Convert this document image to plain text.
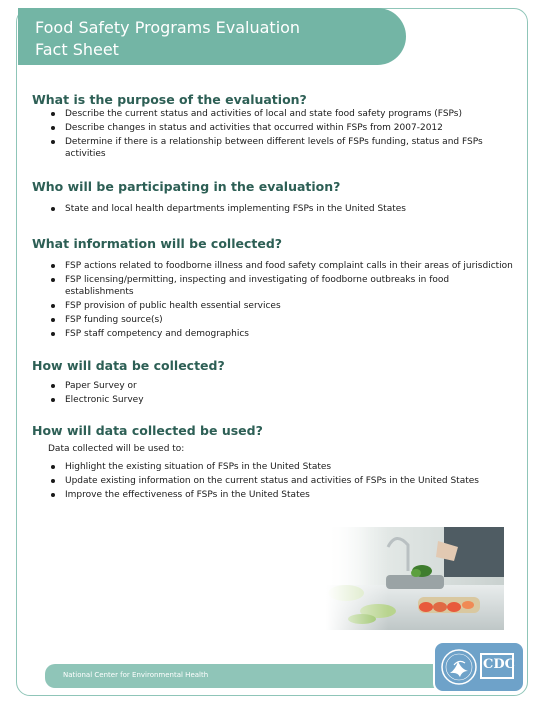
Food Safety Programs Evaluation
Fact Sheet
What is the purpose of the evaluation?
Describe the current status and activities of local and state food safety programs (FSPs)
Describe changes in status and activities that occurred within FSPs from 2007-2012
Determine if there is a relationship between different levels of FSPs funding, status and FSPs activities
Who will be participating in the evaluation?
State and local health departments implementing FSPs in the United States
What information will be collected?
FSP actions related to foodborne illness and food safety complaint calls in their areas of jurisdiction
FSP licensing/permitting, inspecting and investigating of foodborne outbreaks in food establishments
FSP provision of public health essential services
FSP funding source(s)
FSP staff competency and demographics
How will data be collected?
Paper Survey or
Electronic Survey
How will data collected be used?
Data collected will be used to:
Highlight the existing situation of FSPs in the United States
Update existing information on the current status and activities of FSPs in the United States
Improve the effectiveness of FSPs in the United States
National Center for Environmental Health
CDC
